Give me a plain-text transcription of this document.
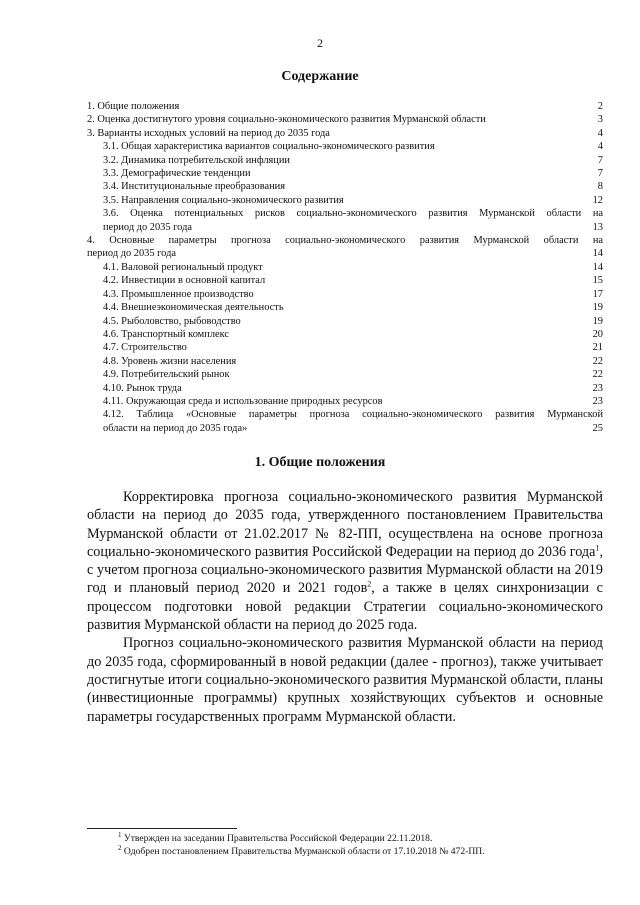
2
Содержание
1. Общие положения	2
2. Оценка достигнутого уровня социально-экономического развития Мурманской области	3
3. Варианты исходных условий на период до 2035 года	4
3.1. Общая характеристика вариантов социально-экономического развития	4
3.2. Динамика потребительской инфляции	7
3.3. Демографические тенденции	7
3.4. Институциональные преобразования	8
3.5. Направления социально-экономического развития	12
3.6. Оценка потенциальных рисков социально-экономического развития Мурманской области на
период до 2035 года	13
4. Основные параметры прогноза социально-экономического развития Мурманской области на
период до 2035 года	14
4.1. Валовой региональный продукт	14
4.2. Инвестиции в основной капитал	15
4.3. Промышленное производство	17
4.4. Внешнеэкономическая деятельность	19
4.5. Рыболовство, рыбоводство	19
4.6. Транспортный комплекс	20
4.7. Строительство	21
4.8. Уровень жизни населения	22
4.9. Потребительский рынок	22
4.10. Рынок труда	23
4.11. Окружающая среда и использование природных ресурсов	23
4.12. Таблица «Основные параметры прогноза социально-экономического развития Мурманской
области на период до 2035 года»	25
1. Общие положения

Корректировка прогноза социально-экономического развития Мурманской области на период до 2035 года, утвержденного постановлением Правительства Мурманской области от 21.02.2017 № 82-ПП, осуществлена на основе прогноза социально-экономического развития Российской Федерации на период до 2036 года$^1$, с учетом прогноза социально-экономического развития Мурманской области на 2019 год и плановый период 2020 и 2021 годов$^2$, а также в целях синхронизации с процессом подготовки новой редакции Стратегии социально-экономического развития Мурманской области на период до 2025 года.

Прогноз социально-экономического развития Мурманской области на период до 2035 года, сформированный в новой редакции (далее - прогноз), также учитывает достигнутые итоги социально-экономического развития Мурманской области, планы (инвестиционные программы) крупных хозяйствующих субъектов и основные параметры государственных программ Мурманской области.

$^1$ Утвержден на заседании Правительства Российской Федерации 22.11.2018.
$^2$ Одобрен постановлением Правительства Мурманской области от 17.10.2018 № 472-ПП.
